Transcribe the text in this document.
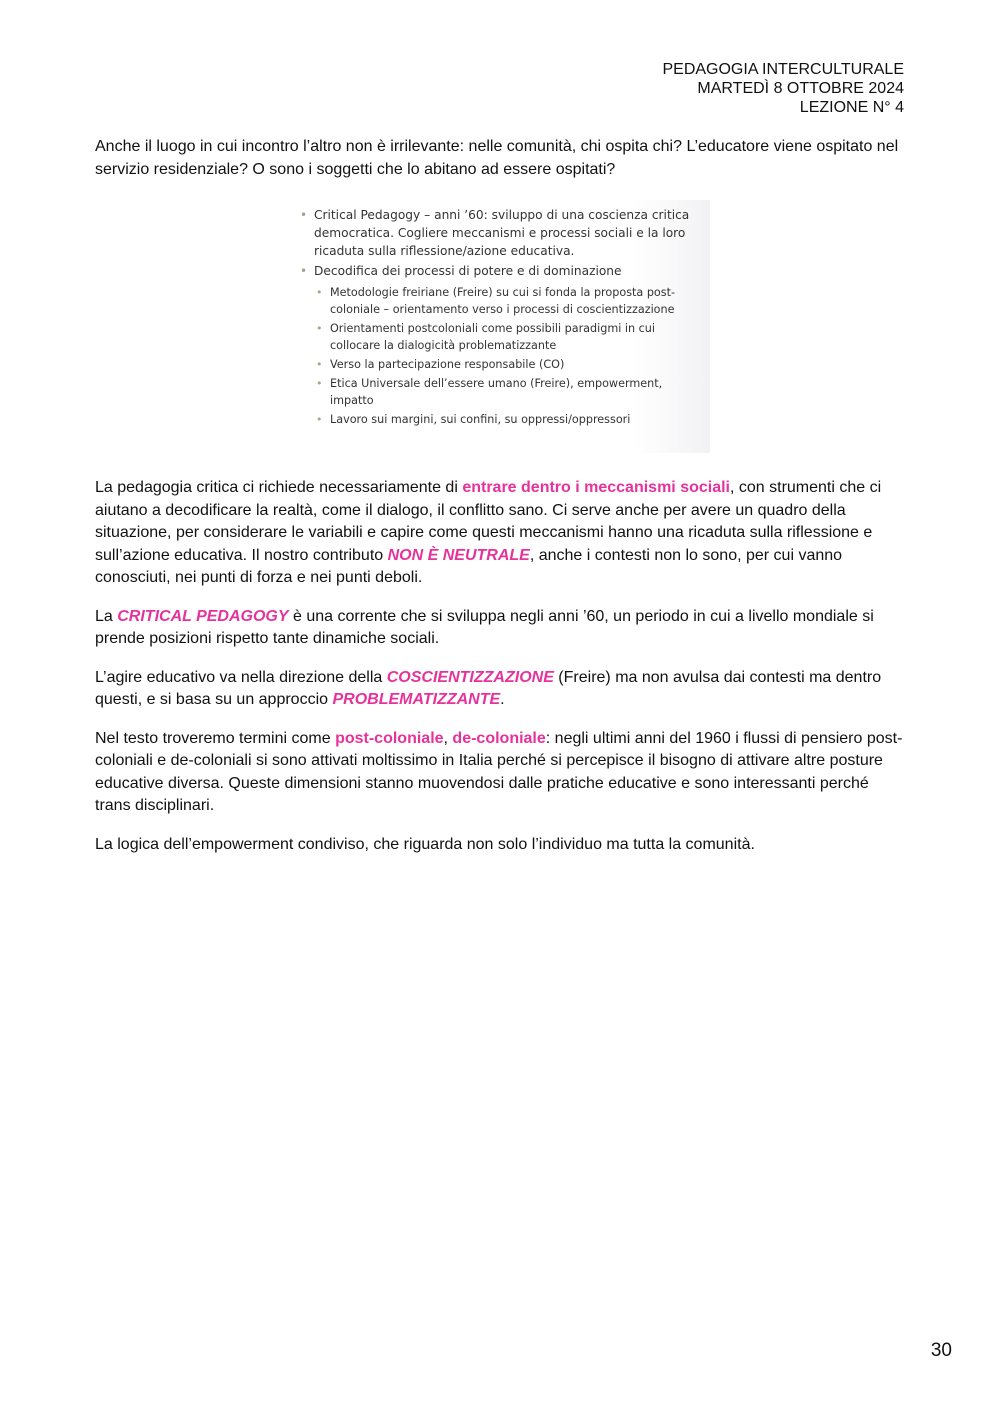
PEDAGOGIA INTERCULTURALE
MARTEDÌ 8 OTTOBRE 2024
LEZIONE N° 4

Anche il luogo in cui incontro l’altro non è irrilevante: nelle comunità, chi ospita chi? L’educatore viene ospitato nel servizio residenziale? O sono i soggetti che lo abitano ad essere ospitati?

• Critical Pedagogy – anni ’60: sviluppo di una coscienza critica democratica. Cogliere meccanismi e processi sociali e la loro ricaduta sulla riflessione/azione educativa.
• Decodifica dei processi di potere e di dominazione
• Metodologie freiriane (Freire) su cui si fonda la proposta post-coloniale – orientamento verso i processi di coscientizzazione
• Orientamenti postcoloniali come possibili paradigmi in cui collocare la dialogicità problematizzante
• Verso la partecipazione responsabile (CO)
• Etica Universale dell’essere umano (Freire), empowerment, impatto
• Lavoro sui margini, sui confini, su oppressi/oppressori

La pedagogia critica ci richiede necessariamente di entrare dentro i meccanismi sociali, con strumenti che ci aiutano a decodificare la realtà, come il dialogo, il conflitto sano. Ci serve anche per avere un quadro della situazione, per considerare le variabili e capire come questi meccanismi hanno una ricaduta sulla riflessione e sull’azione educativa. Il nostro contributo NON È NEUTRALE, anche i contesti non lo sono, per cui vanno conosciuti, nei punti di forza e nei punti deboli.

La CRITICAL PEDAGOGY è una corrente che si sviluppa negli anni ’60, un periodo in cui a livello mondiale si prende posizioni rispetto tante dinamiche sociali.

L’agire educativo va nella direzione della COSCIENTIZZAZIONE (Freire) ma non avulsa dai contesti ma dentro questi, e si basa su un approccio PROBLEMATIZZANTE.

Nel testo troveremo termini come post-coloniale, de-coloniale: negli ultimi anni del 1960 i flussi di pensiero post-coloniali e de-coloniali si sono attivati moltissimo in Italia perché si percepisce il bisogno di attivare altre posture educative diversa. Queste dimensioni stanno muovendosi dalle pratiche educative e sono interessanti perché trans disciplinari.

La logica dell’empowerment condiviso, che riguarda non solo l’individuo ma tutta la comunità.

30
